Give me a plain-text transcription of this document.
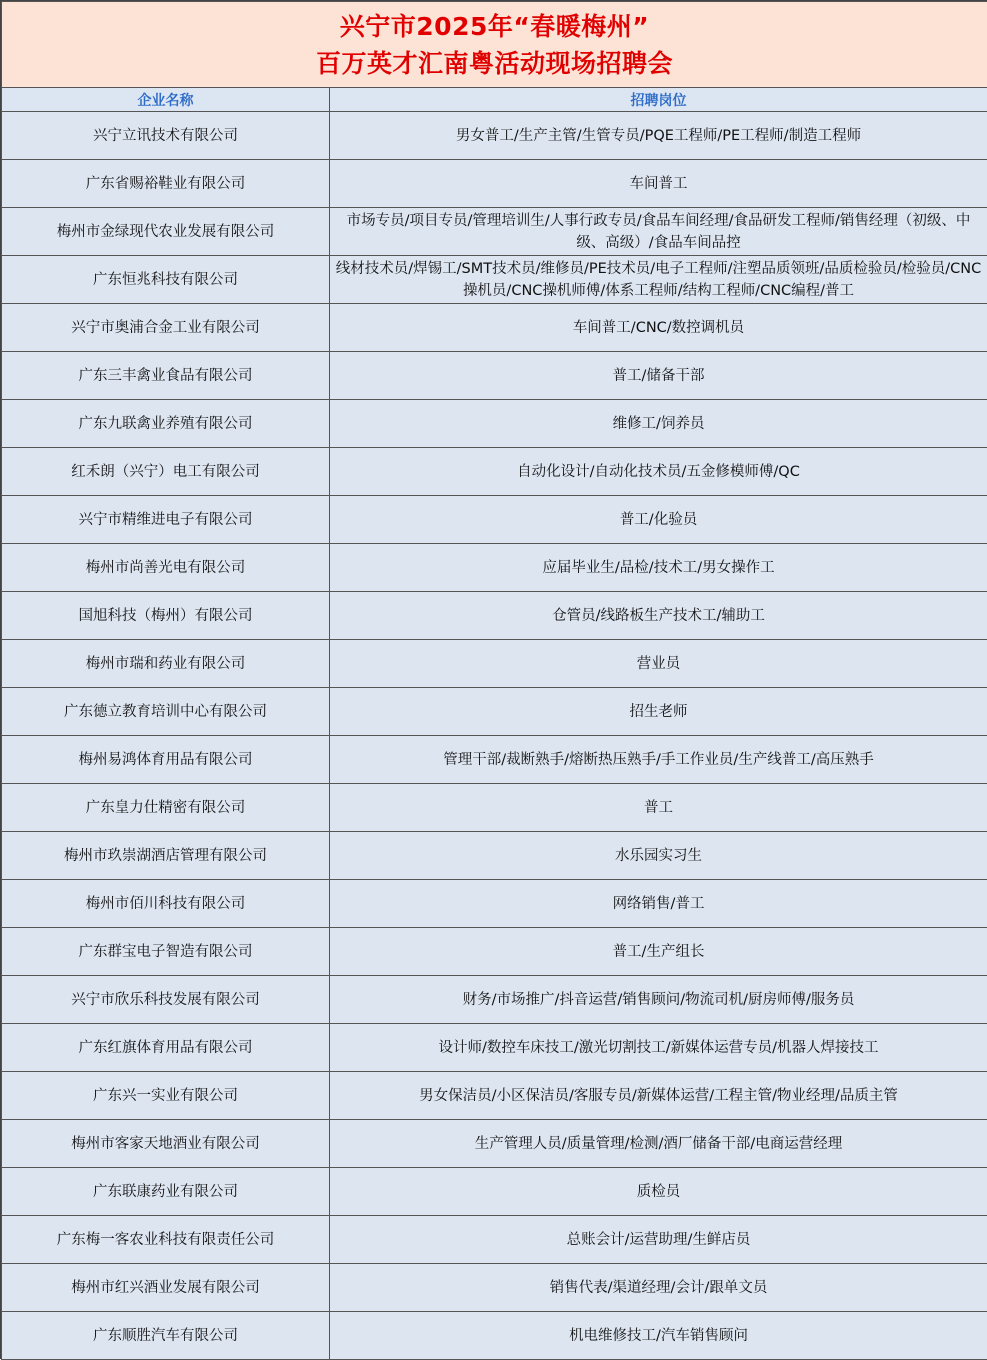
兴宁市2025年“春暖梅州”
百万英才汇南粤活动现场招聘会	

企业名称	招聘岗位
兴宁立讯技术有限公司	男女普工/生产主管/生管专员/PQE工程师/PE工程师/制造工程师
广东省赐裕鞋业有限公司	车间普工
梅州市金绿现代农业发展有限公司	市场专员/项目专员/管理培训生/人事行政专员/食品车间经理/食品研发工程师/销售经理（初级、中级、高级）/食品车间品控
广东恒兆科技有限公司	线材技术员/焊锡工/SMT技术员/维修员/PE技术员/电子工程师/注塑品质领班/品质检验员/检验员/CNC操机员/CNC操机师傅/体系工程师/结构工程师/CNC编程/普工
兴宁市奥浦合金工业有限公司	车间普工/CNC/数控调机员
广东三丰禽业食品有限公司	普工/储备干部
广东九联禽业养殖有限公司	维修工/饲养员
红禾朗（兴宁）电工有限公司	自动化设计/自动化技术员/五金修模师傅/QC
兴宁市精维进电子有限公司	普工/化验员
梅州市尚善光电有限公司	应届毕业生/品检/技术工/男女操作工
国旭科技（梅州）有限公司	仓管员/线路板生产技术工/辅助工
梅州市瑞和药业有限公司	营业员
广东德立教育培训中心有限公司	招生老师
梅州易鸿体育用品有限公司	管理干部/裁断熟手/熔断热压熟手/手工作业员/生产线普工/高压熟手
广东皇力仕精密有限公司	普工
梅州市玖崇湖酒店管理有限公司	水乐园实习生
梅州市佰川科技有限公司	网络销售/普工
广东群宝电子智造有限公司	普工/生产组长
兴宁市欣乐科技发展有限公司	财务/市场推广/抖音运营/销售顾问/物流司机/厨房师傅/服务员
广东红旗体育用品有限公司	设计师/数控车床技工/激光切割技工/新媒体运营专员/机器人焊接技工
广东兴一实业有限公司	男女保洁员/小区保洁员/客服专员/新媒体运营/工程主管/物业经理/品质主管
梅州市客家天地酒业有限公司	生产管理人员/质量管理/检测/酒厂储备干部/电商运营经理
广东联康药业有限公司	质检员
广东梅一客农业科技有限责任公司	总账会计/运营助理/生鲜店员
梅州市红兴酒业发展有限公司	销售代表/渠道经理/会计/跟单文员
广东顺胜汽车有限公司	机电维修技工/汽车销售顾问
